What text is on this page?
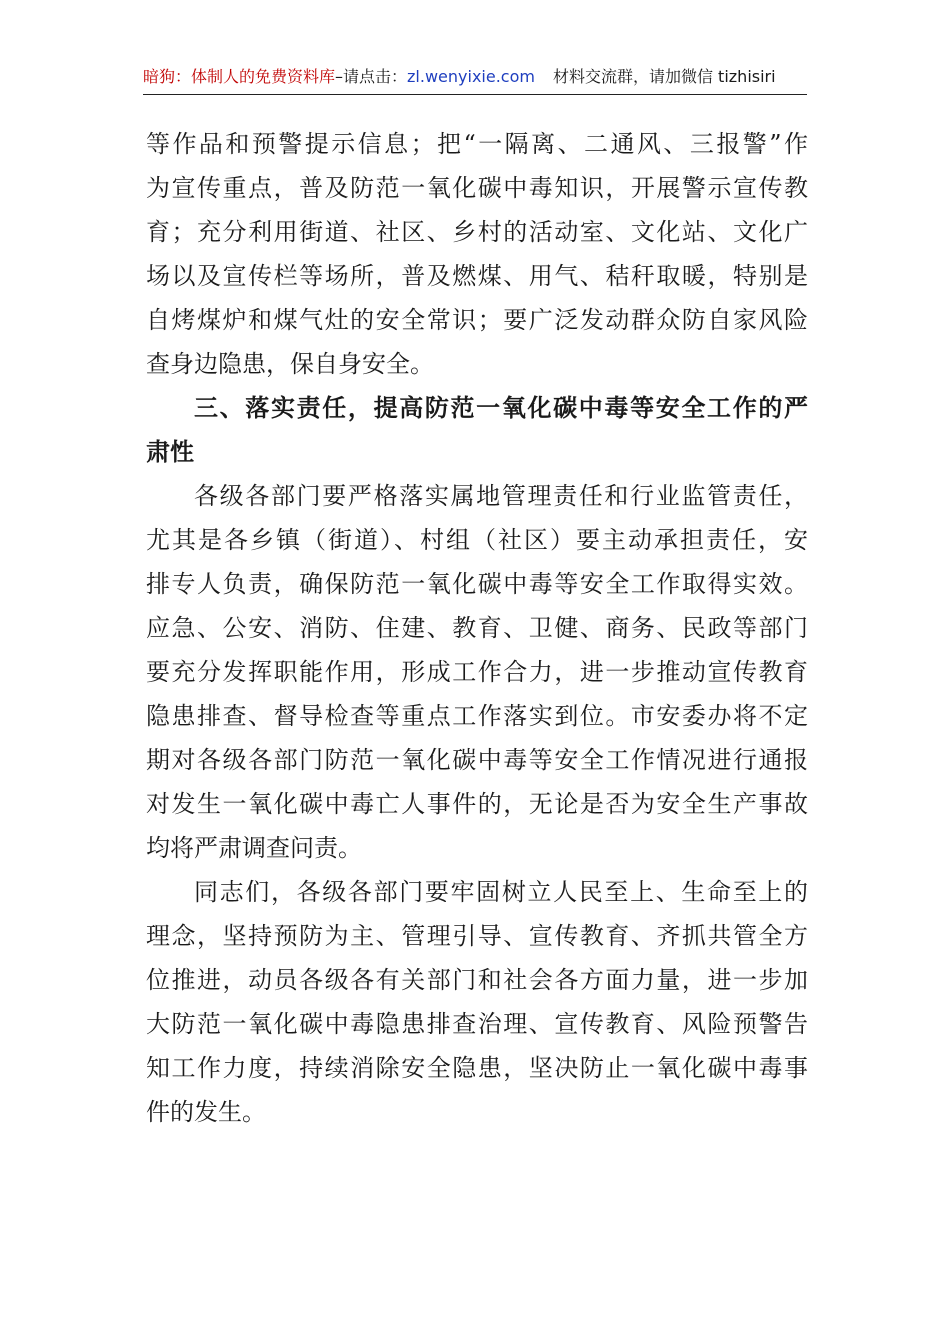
暗狗：体制人的免费资料库–请点击：zl.wenyixie.com 材料交流群，请加微信 tizhisiri
等作品和预警提示信息；把“一隔离、二通风、三报警”作
为宣传重点，普及防范一氧化碳中毒知识，开展警示宣传教
育；充分利用街道、社区、乡村的活动室、文化站、文化广
场以及宣传栏等场所，普及燃煤、用气、秸秆取暖，特别是
自烤煤炉和煤气灶的安全常识；要广泛发动群众防自家风险
查身边隐患，保自身安全。
三、落实责任，提高防范一氧化碳中毒等安全工作的严
肃性
各级各部门要严格落实属地管理责任和行业监管责任，
尤其是各乡镇（街道）、村组（社区）要主动承担责任，安
排专人负责，确保防范一氧化碳中毒等安全工作取得实效。
应急、公安、消防、住建、教育、卫健、商务、民政等部门
要充分发挥职能作用，形成工作合力，进一步推动宣传教育
隐患排查、督导检查等重点工作落实到位。市安委办将不定
期对各级各部门防范一氧化碳中毒等安全工作情况进行通报
对发生一氧化碳中毒亡人事件的，无论是否为安全生产事故
均将严肃调查问责。
同志们，各级各部门要牢固树立人民至上、生命至上的
理念，坚持预防为主、管理引导、宣传教育、齐抓共管全方
位推进，动员各级各有关部门和社会各方面力量，进一步加
大防范一氧化碳中毒隐患排查治理、宣传教育、风险预警告
知工作力度，持续消除安全隐患，坚决防止一氧化碳中毒事
件的发生。
